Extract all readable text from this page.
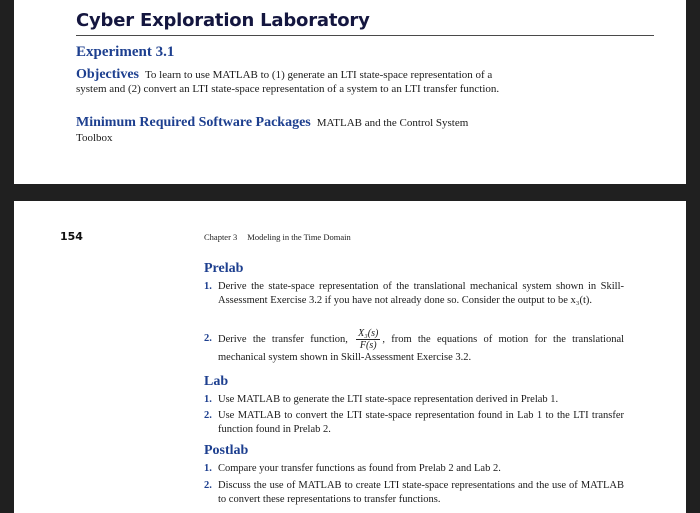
Cyber Exploration Laboratory
Experiment 3.1
Objectives To learn to use MATLAB to (1) generate an LTI state-space representation of a system and (2) convert an LTI state-space representation of a system to an LTI transfer function.
Minimum Required Software Packages MATLAB and the Control System Toolbox
154	Chapter 3 Modeling in the Time Domain
Prelab
1. Derive the state-space representation of the translational mechanical system shown in Skill-Assessment Exercise 3.2 if you have not already done so. Consider the output to be x₃(t).
2. Derive the transfer function, $\frac{\text{X₃(s)}}{F(s)}$ , from the equations of motion for the translational mechanical system shown in Skill-Assessment Exercise 3.2.
Lab
1. Use MATLAB to generate the LTI state-space representation derived in Prelab 1.
2. Use MATLAB to convert the LTI state-space representation found in Lab 1 to the LTI transfer function found in Prelab 2.
Postlab
1. Compare your transfer functions as found from Prelab 2 and Lab 2.
2. Discuss the use of MATLAB to create LTI state-space representations and the use of MATLAB to convert these representations to transfer functions.
